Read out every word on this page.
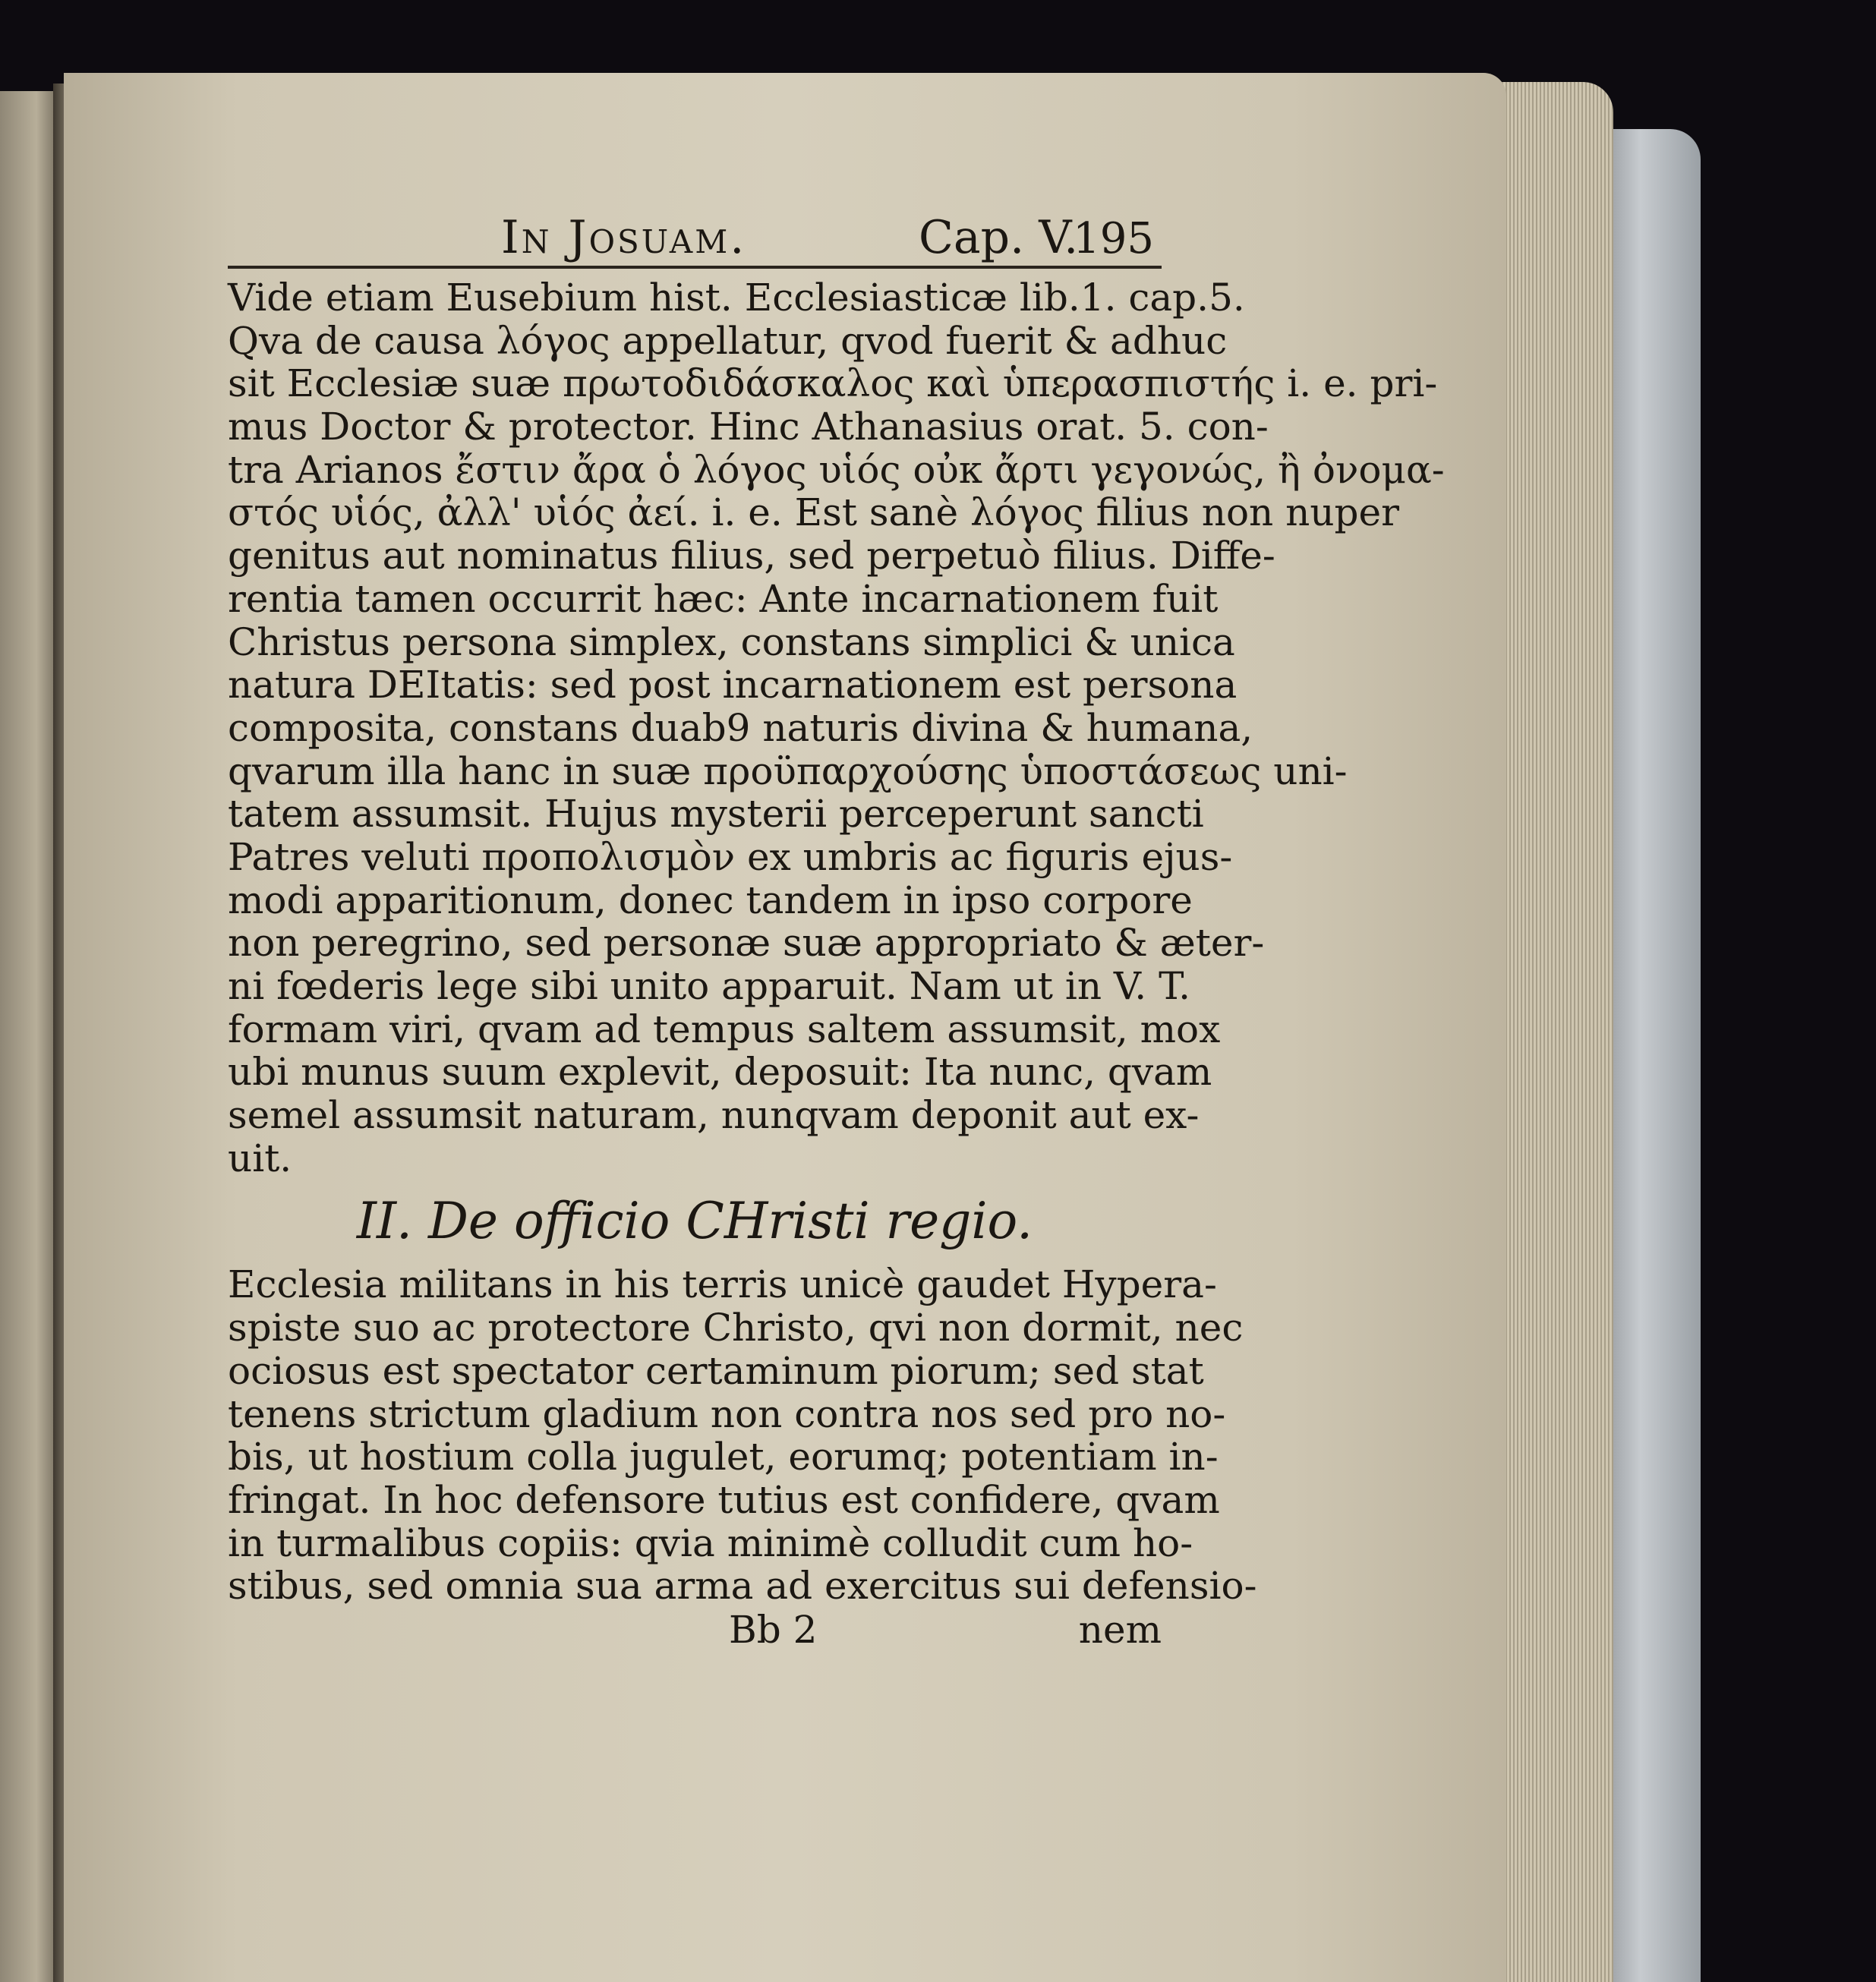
In Josuam.	Cap. V.
195
Vide etiam Eusebium hist. Ecclesiasticæ lib.1. cap.5.
Qva de causa λόγος appellatur, qvod fuerit & adhuc
sit Ecclesiæ suæ πρωτοδιδάσκαλος καὶ ὑπερασπιστής i. e. pri-
mus Doctor & protector. Hinc Athanasius orat. 5. con-
tra Arianos ἔστιν ἄρα ὁ λόγος υἱός οὐκ ἄρτι γεγονώς, ἢ ὀνομα-
στός υἱός, ἀλλ' υἱός ἀεί. i. e. Est sanè λόγος filius non nuper
genitus aut nominatus filius, sed perpetuò filius. Diffe-
rentia tamen occurrit hæc: Ante incarnationem fuit
Christus persona simplex, constans simplici & unica
natura DEItatis: sed post incarnationem est persona
composita, constans duab9 naturis divina & humana,
qvarum illa hanc in suæ προϋπαρχούσης ὑποστάσεως uni-
tatem assumsit. Hujus mysterii perceperunt sancti
Patres veluti προπολισμὸν ex umbris ac figuris ejus-
modi apparitionum, donec tandem in ipso corpore
non peregrino, sed personæ suæ appropriato & æter-
ni fœderis lege sibi unito apparuit. Nam ut in V. T.
formam viri, qvam ad tempus saltem assumsit, mox
ubi munus suum explevit, deposuit: Ita nunc, qvam
semel assumsit naturam, nunqvam deponit aut ex-
uit.
II. De officio CHristi regio.
Ecclesia militans in his terris unicè gaudet Hypera-
spiste suo ac protectore Christo, qvi non dormit, nec
ociosus est spectator certaminum piorum; sed stat
tenens strictum gladium non contra nos sed pro no-
bis, ut hostium colla jugulet, eorumq; potentiam in-
fringat. In hoc defensore tutius est confidere, qvam
in turmalibus copiis: qvia minimè colludit cum ho-
stibus, sed omnia sua arma ad exercitus sui defensio-
Bb 2	nem
